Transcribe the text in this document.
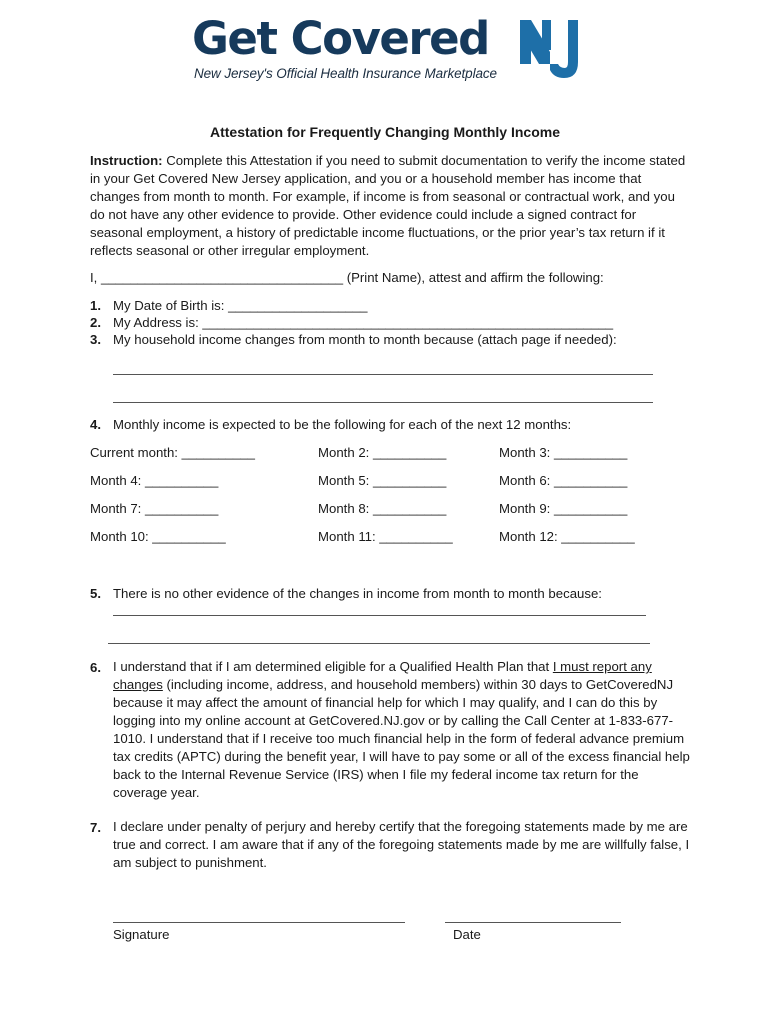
Get Covered
New Jersey's Official Health Insurance Marketplace
Attestation for Frequently Changing Monthly Income
Instruction: Complete this Attestation if you need to submit documentation to verify the income stated in your Get Covered New Jersey application, and you or a household member has income that changes from month to month. For example, if income is from seasonal or contractual work, and you do not have any other evidence to provide. Other evidence could include a signed contract for seasonal employment, a history of predictable income fluctuations, or the prior year’s tax return if it reflects seasonal or other irregular employment.
I, _________________________________ (Print Name), attest and affirm the following:
1. My Date of Birth is: ___________________
2. My Address is: ________________________________________________________
3. My household income changes from month to month because (attach page if needed):
4. Monthly income is expected to be the following for each of the next 12 months:
Current month: __________	Month 2: __________	Month 3: __________
Month 4: __________	Month 5: __________	Month 6: __________
Month 7: __________	Month 8: __________	Month 9: __________
Month 10: __________	Month 11: __________	Month 12: __________
5. There is no other evidence of the changes in income from month to month because:
6. I understand that if I am determined eligible for a Qualified Health Plan that I must report any changes (including income, address, and household members) within 30 days to GetCoveredNJ because it may affect the amount of financial help for which I may qualify, and I can do this by logging into my online account at GetCovered.NJ.gov or by calling the Call Center at 1-833-677-1010. I understand that if I receive too much financial help in the form of federal advance premium tax credits (APTC) during the benefit year, I will have to pay some or all of the excess financial help back to the Internal Revenue Service (IRS) when I file my federal income tax return for the coverage year.
7. I declare under penalty of perjury and hereby certify that the foregoing statements made by me are true and correct. I am aware that if any of the foregoing statements made by me are willfully false, I am subject to punishment.
Signature	Date
